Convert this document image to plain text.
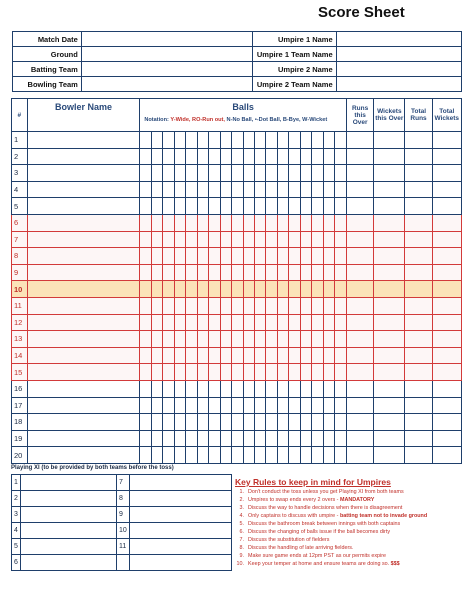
Score Sheet
Match Date		Umpire 1 Name	
Ground		Umpire 1 Team Name	
Batting Team		Umpire 2 Name	
Bowling Team		Umpire 2 Team Name	
#	Bowler Name	Balls
Notation: Y-Wide, RO-Run out, N-No Ball, •-Dot Ball, B-Bye, W-Wicket																		Runs this Over	Wickets this Over	Total Runs	Total Wickets
1																							
2																							
3																							
4																							
5																							
6																							
7																							
8																							
9																							
10																							
11																							
12																							
13																							
14																							
15																							
16																							
17																							
18																							
19																							
20																							
Playing XI (to be provided by both teams before the toss)
1		7	
2		8	
3		9	
4		10	
5		11	
6			
Key Rules to keep in mind for Umpires
1. Don't conduct the toss unless you get Playing XI from both teams
2. Umpires to swap ends every 2 overs - MANDATORY
3. Discuss the way to handle decisions when there is disagreement
4. Only captains to discuss with umpire - batting team not to invade ground
5. Discuss the bathroom break between innings with both captains
6. Discuss the changing of balls issue if the ball becomes dirty
7. Discuss the substitution of fielders
8. Discuss the handling of late arriving fielders.
9. Make sure game ends at 12pm PST as our permits expire
10. Keep your temper at home and ensure teams are doing so. $$$
